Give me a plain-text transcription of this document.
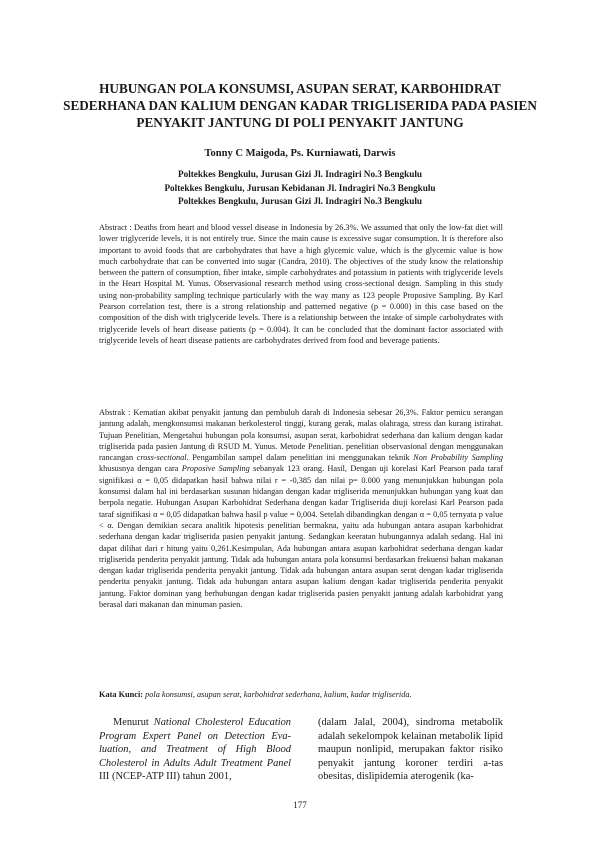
HUBUNGAN POLA KONSUMSI, ASUPAN SERAT, KARBOHIDRAT SEDERHANA DAN KALIUM DENGAN KADAR TRIGLISERIDA PADA PASIEN PENYAKIT JANTUNG DI POLI PENYAKIT JANTUNG
Tonny C Maigoda, Ps. Kurniawati, Darwis
Poltekkes Bengkulu, Jurusan Gizi Jl. Indragiri No.3 Bengkulu
Poltekkes Bengkulu, Jurusan Kebidanan Jl. Indragiri No.3 Bengkulu
Poltekkes Bengkulu, Jurusan Gizi Jl. Indragiri No.3 Bengkulu
Abstract : Deaths from heart and blood vessel disease in Indonesia by 26.3%. We assumed that only the low-fat diet will lower triglyceride levels, it is not entirely true. Since the main cause is excessive sugar consumption. It is therefore also important to avoid foods that are carbohydrates that have a high glycemic value, which is the glycemic value is how much carbohydrate that can be converted into sugar (Candra, 2010). The objectives of the study know the relationship between the pattern of consumption, fiber intake, simple carbohydrates and potassium in patients with triglyceride levels in the Heart Hospital M. Yunus. Observasional research method using cross-sectional design. Sampling in this study using non-probability sampling technique particularly with the way many as 123 people Proposive Sampling. By Karl Pearson correlation test, there is a strong relationship and patterned negative (p = 0.000) in this case based on the composition of the dish with triglyceride levels. There is a relationship between the intake of simple carbohydrates with triglyceride levels of heart disease patients (p = 0.004). It can be concluded that the dominant factor associated with triglyceride levels of heart disease patients are carbohydrates derived from food and beverage patients.
Abstrak : Kematian akibat penyakit jantung dan pembuluh darah di Indonesia sebesar 26,3%. Faktor pemicu serangan jantung adalah, mengkonsumsi makanan berkolesterol tinggi, kurang gerak, malas olahraga, stress dan kurang istirahat. Tujuan Penelitian, Mengetahui hubungan pola konsumsi, asupan serat, karbohidrat sederhana dan kalium dengan kadar trigliserida pada pasien Jantung di RSUD M. Yunus. Metode Penelitian. penelitian observasional dengan menggunakan rancangan cross-sectional. Pengambilan sampel dalam penelitian ini menggunakan teknik Non Probability Sampling khususnya dengan cara Proposive Sampling sebanyak 123 orang. Hasil, Dengan uji korelasi Karl Pearson pada taraf signifikasi α = 0,05 didapatkan hasil bahwa nilai r = -0,385 dan nilai p= 0.000 yang menunjukkan hubungan pola konsumsi dalam hal ini berdasarkan susunan hidangan dengan kadar trigliserida menunjukkan hubungan yang kuat dan berpola negatie. Hubungan Asupan Karbohidrat Sederhana dengan kadar Trigliserida diuji korelasi Karl Pearson pada taraf signifikasi α = 0,05 didapatkan bahwa hasil p value = 0,004. Setelah dibandingkan dengan α = 0,05 ternyata p value < α. Dengan demikian secara analitik hipotesis penelitian bermakna, yaitu ada hubungan antara asupan karbohidrat sederhana dengan kadar trigliserida pasien penyakit jantung. Sedangkan keeratan hubungannya adalah sedang. Hal ini dapat dilihat dari r hitung yaitu 0,261.Kesimpulan, Ada hubungan antara asupan karbohidrat sederhana dengan kadar trigliserida penderita penyakit jantung. Tidak ada hubungan antara pola konsumsi berdasarkan frekuensi bahan makanan dengan kadar trigliserida penderita penyakit jantung. Tidak ada hubungan antara asupan serat dengan kadar trigliserida penderita penyakit jantung. Tidak ada hubungan antara asupan kalium dengan kadar trigliserida penderita penyakit jantung. Faktor dominan yang berhubungan dengan kadar trigliserida pasien penyakit jantung adalah karbohidrat yang berasal dari makanan dan minuman pasien.
Kata Kunci: pola konsumsi, asupan serat, karbohidrat sederhana, kalium, kadar trigliserida.
Menurut National Cholesterol Education Program Expert Panel on Detection Eva-luation, and Treatment of High Blood Cholesterol in Adults Adult Treatment Panel III (NCEP-ATP III) tahun 2001,
(dalam Jalal, 2004), sindroma metabolik adalah sekelompok kelainan metabolik lipid maupun nonlipid, merupakan faktor risiko penyakit jantung koroner terdiri a-tas obesitas, dislipidemia aterogenik (ka-
177
